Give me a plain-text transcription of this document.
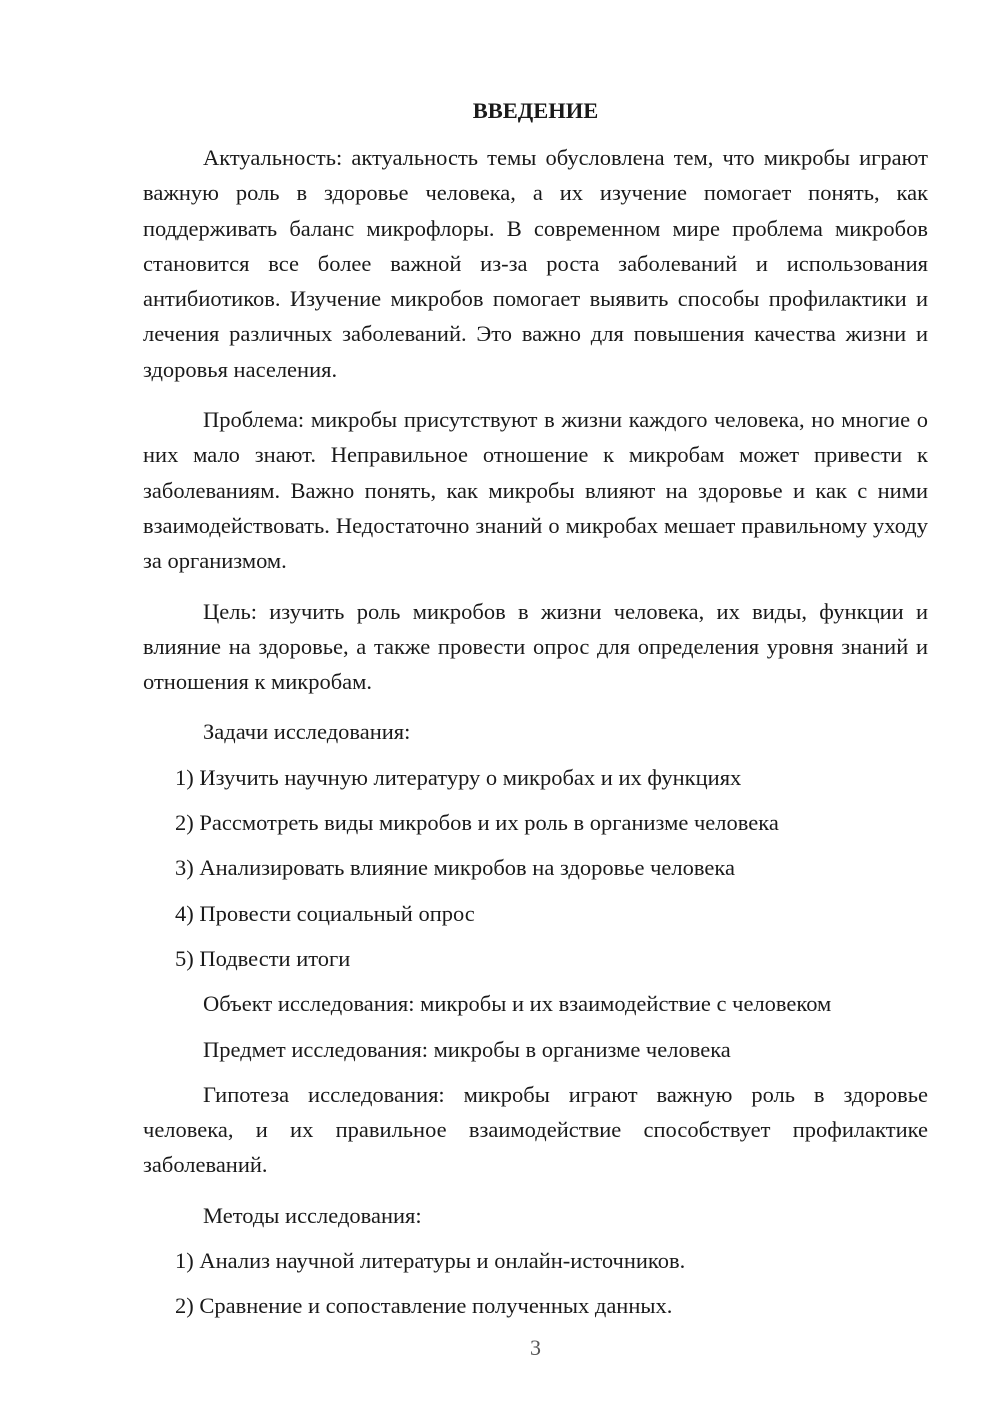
ВВЕДЕНИЕ

Актуальность: актуальность темы обусловлена тем, что микробы играют важную роль в здоровье человека, а их изучение помогает понять, как поддерживать баланс микрофлоры. В современном мире проблема микробов становится все более важной из-за роста заболеваний и использования антибиотиков. Изучение микробов помогает выявить способы профилактики и лечения различных заболеваний. Это важно для повышения качества жизни и здоровья населения.

Проблема: микробы присутствуют в жизни каждого человека, но многие о них мало знают. Неправильное отношение к микробам может привести к заболеваниям. Важно понять, как микробы влияют на здоровье и как с ними взаимодействовать. Недостаточно знаний о микробах мешает правильному уходу за организмом.

Цель: изучить роль микробов в жизни человека, их виды, функции и влияние на здоровье, а также провести опрос для определения уровня знаний и отношения к микробам.

Задачи исследования:

1) Изучить научную литературу о микробах и их функциях
2) Рассмотреть виды микробов и их роль в организме человека
3) Анализировать влияние микробов на здоровье человека
4) Провести социальный опрос
5) Подвести итоги

Объект исследования: микробы и их взаимодействие с человеком

Предмет исследования: микробы в организме человека

Гипотеза исследования: микробы играют важную роль в здоровье человека, и их правильное взаимодействие способствует профилактике заболеваний.

Методы исследования:

1) Анализ научной литературы и онлайн-источников.
2) Сравнение и сопоставление полученных данных.
3
